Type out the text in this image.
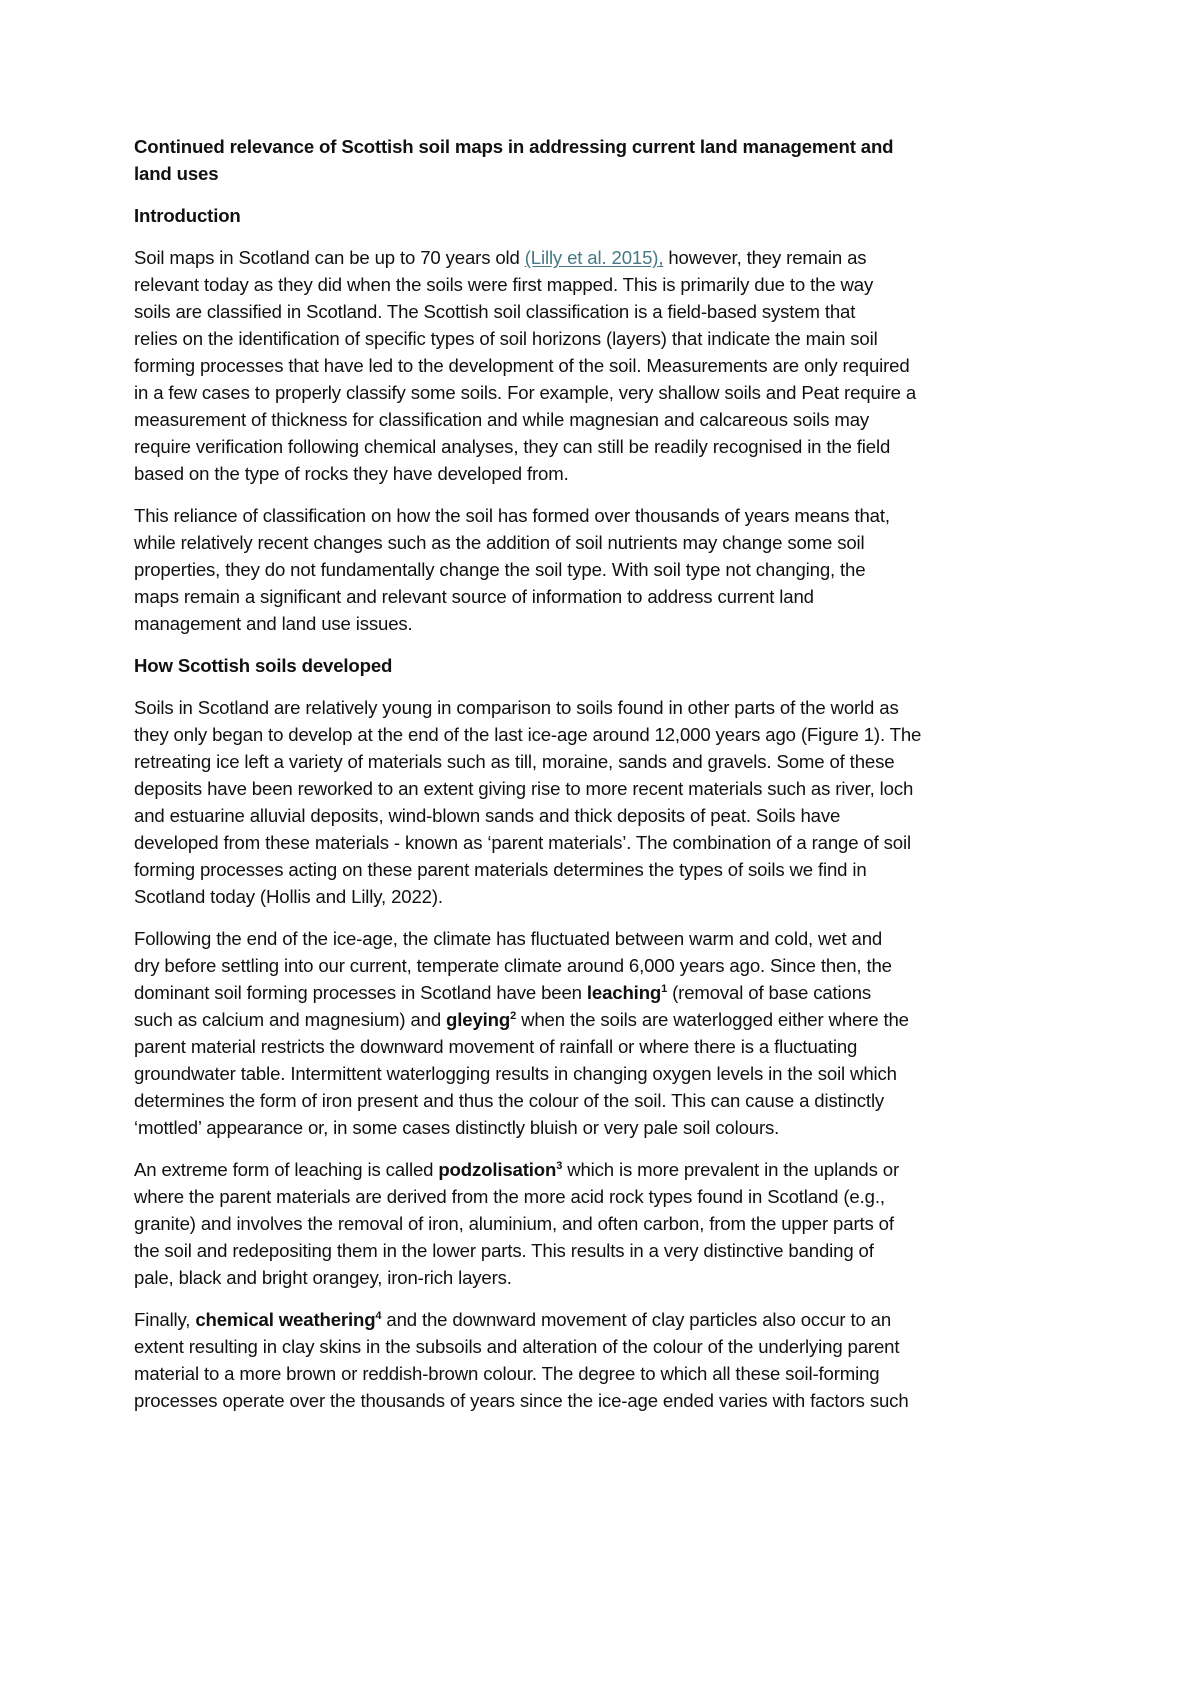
Continued relevance of Scottish soil maps in addressing current land management and
land uses
Introduction
Soil maps in Scotland can be up to 70 years old (Lilly et al. 2015), however, they remain as
relevant today as they did when the soils were first mapped. This is primarily due to the way
soils are classified in Scotland. The Scottish soil classification is a field-based system that
relies on the identification of specific types of soil horizons (layers) that indicate the main soil
forming processes that have led to the development of the soil. Measurements are only required
in a few cases to properly classify some soils. For example, very shallow soils and Peat require a
measurement of thickness for classification and while magnesian and calcareous soils may
require verification following chemical analyses, they can still be readily recognised in the field
based on the type of rocks they have developed from.
This reliance of classification on how the soil has formed over thousands of years means that,
while relatively recent changes such as the addition of soil nutrients may change some soil
properties, they do not fundamentally change the soil type. With soil type not changing, the
maps remain a significant and relevant source of information to address current land
management and land use issues.
How Scottish soils developed
Soils in Scotland are relatively young in comparison to soils found in other parts of the world as
they only began to develop at the end of the last ice-age around 12,000 years ago (Figure 1). The
retreating ice left a variety of materials such as till, moraine, sands and gravels. Some of these
deposits have been reworked to an extent giving rise to more recent materials such as river, loch
and estuarine alluvial deposits, wind-blown sands and thick deposits of peat. Soils have
developed from these materials - known as ‘parent materials’. The combination of a range of soil
forming processes acting on these parent materials determines the types of soils we find in
Scotland today (Hollis and Lilly, 2022).
Following the end of the ice-age, the climate has fluctuated between warm and cold, wet and
dry before settling into our current, temperate climate around 6,000 years ago. Since then, the
dominant soil forming processes in Scotland have been leaching$^1$ (removal of base cations
such as calcium and magnesium) and gleying$^2$ when the soils are waterlogged either where the
parent material restricts the downward movement of rainfall or where there is a fluctuating
groundwater table. Intermittent waterlogging results in changing oxygen levels in the soil which
determines the form of iron present and thus the colour of the soil. This can cause a distinctly
‘mottled’ appearance or, in some cases distinctly bluish or very pale soil colours.
An extreme form of leaching is called podzolisation$^3$ which is more prevalent in the uplands or
where the parent materials are derived from the more acid rock types found in Scotland (e.g.,
granite) and involves the removal of iron, aluminium, and often carbon, from the upper parts of
the soil and redepositing them in the lower parts. This results in a very distinctive banding of
pale, black and bright orangey, iron-rich layers.
Finally, chemical weathering$^4$ and the downward movement of clay particles also occur to an
extent resulting in clay skins in the subsoils and alteration of the colour of the underlying parent
material to a more brown or reddish-brown colour. The degree to which all these soil-forming
processes operate over the thousands of years since the ice-age ended varies with factors such
